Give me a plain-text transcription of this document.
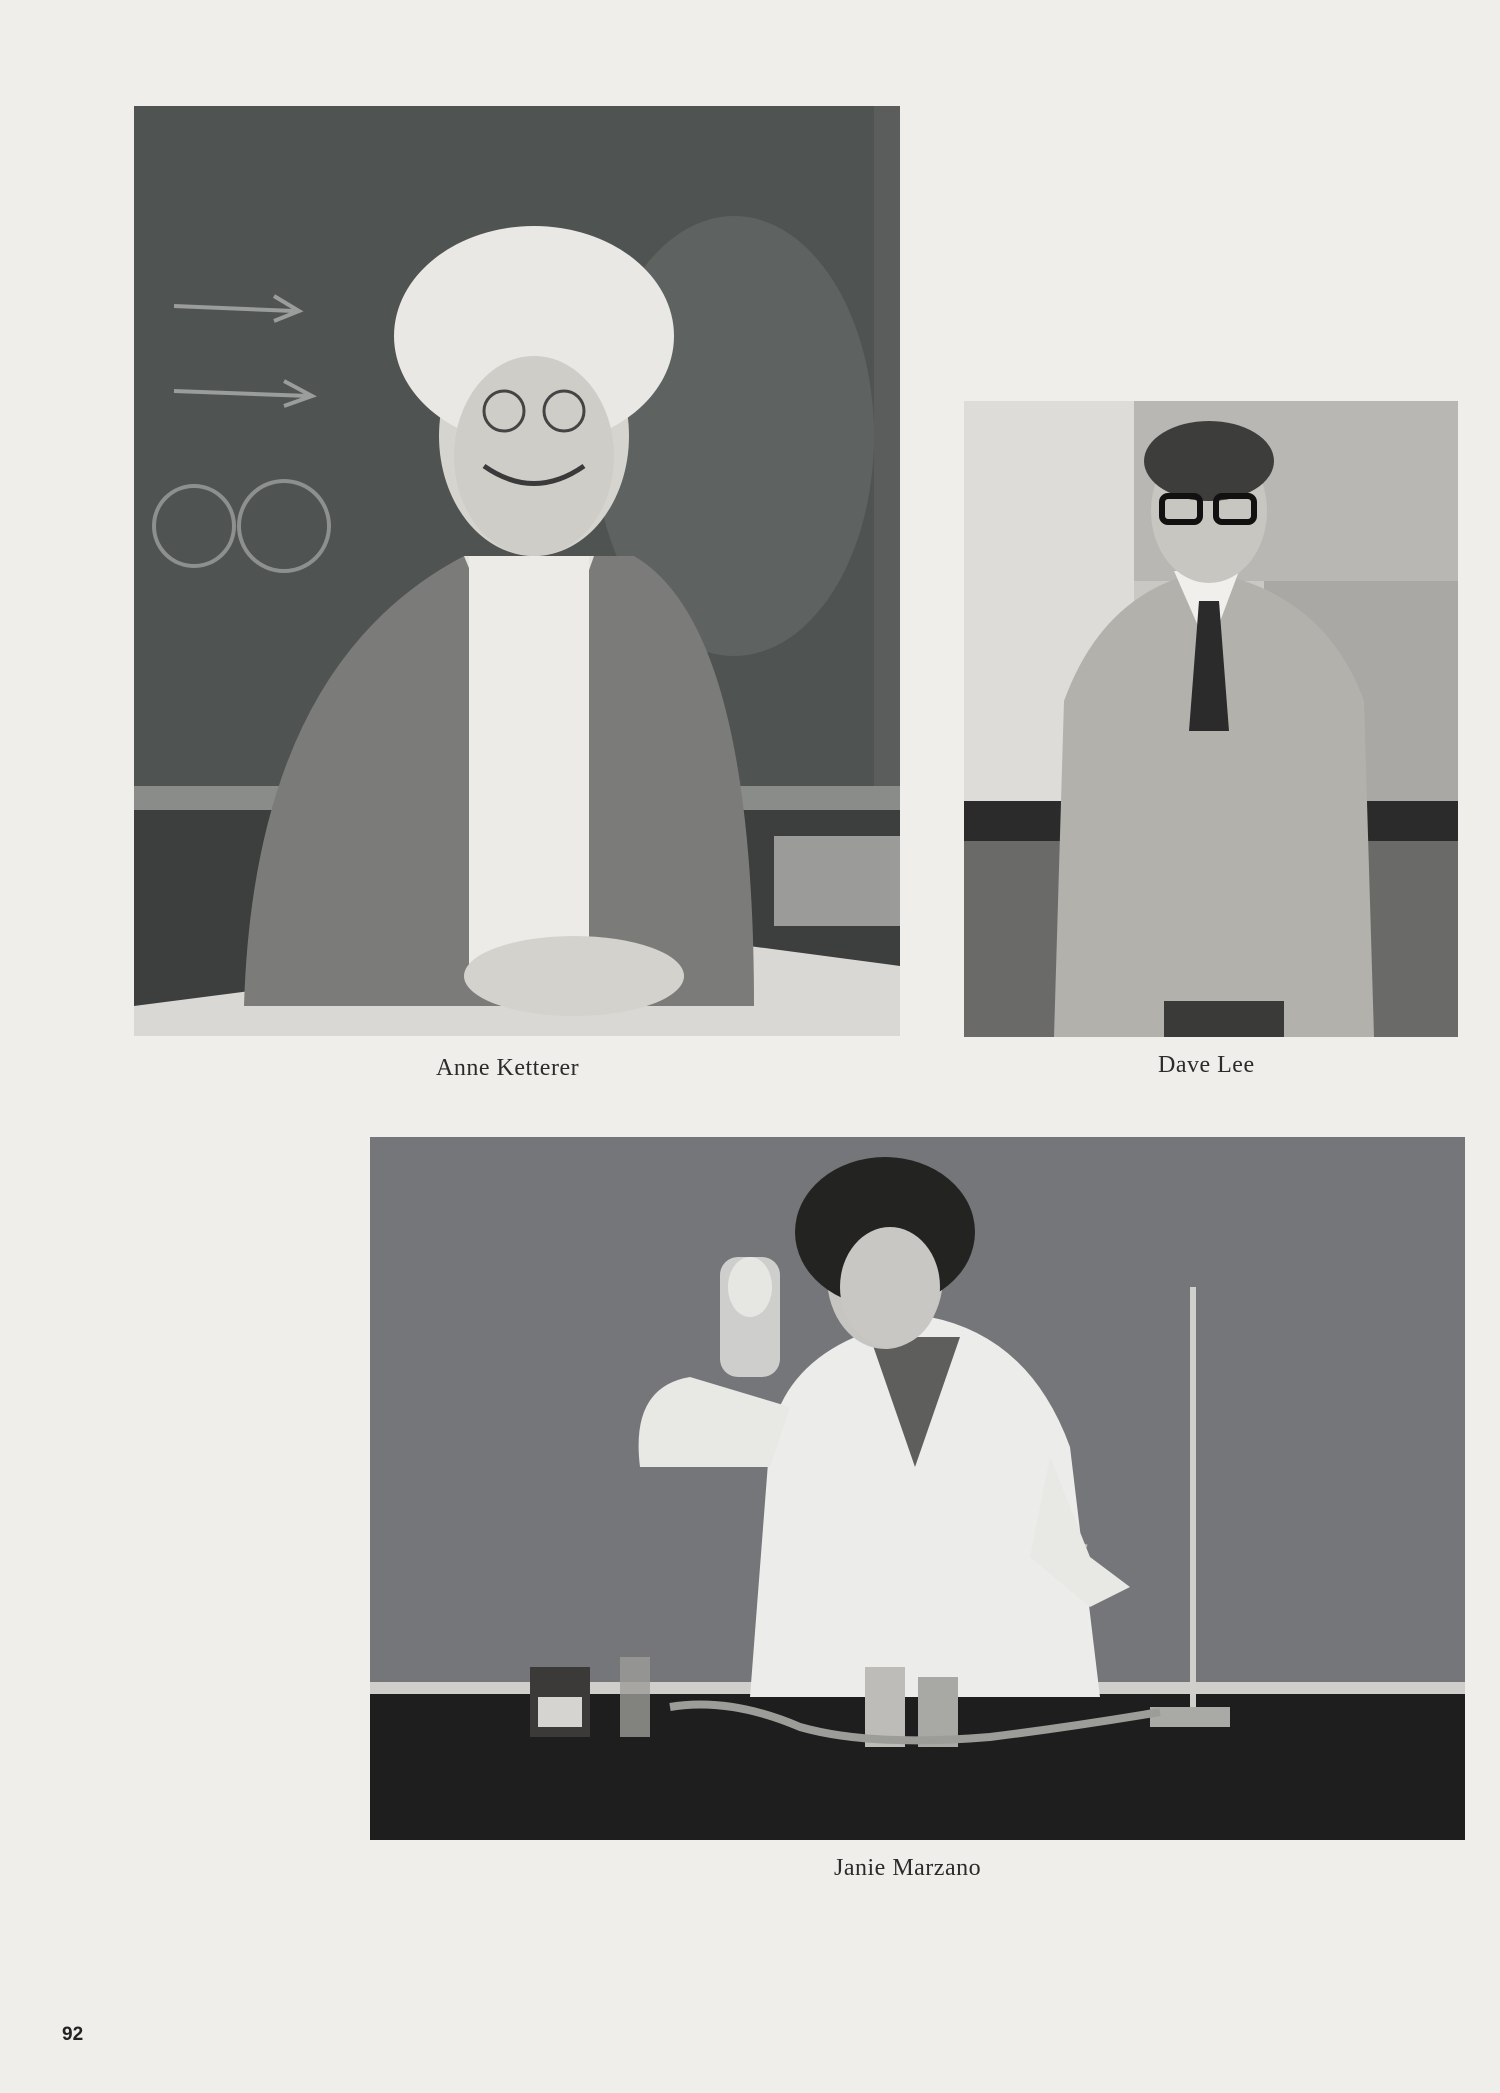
Anne Ketterer	Dave Lee
Janie Marzano
92
